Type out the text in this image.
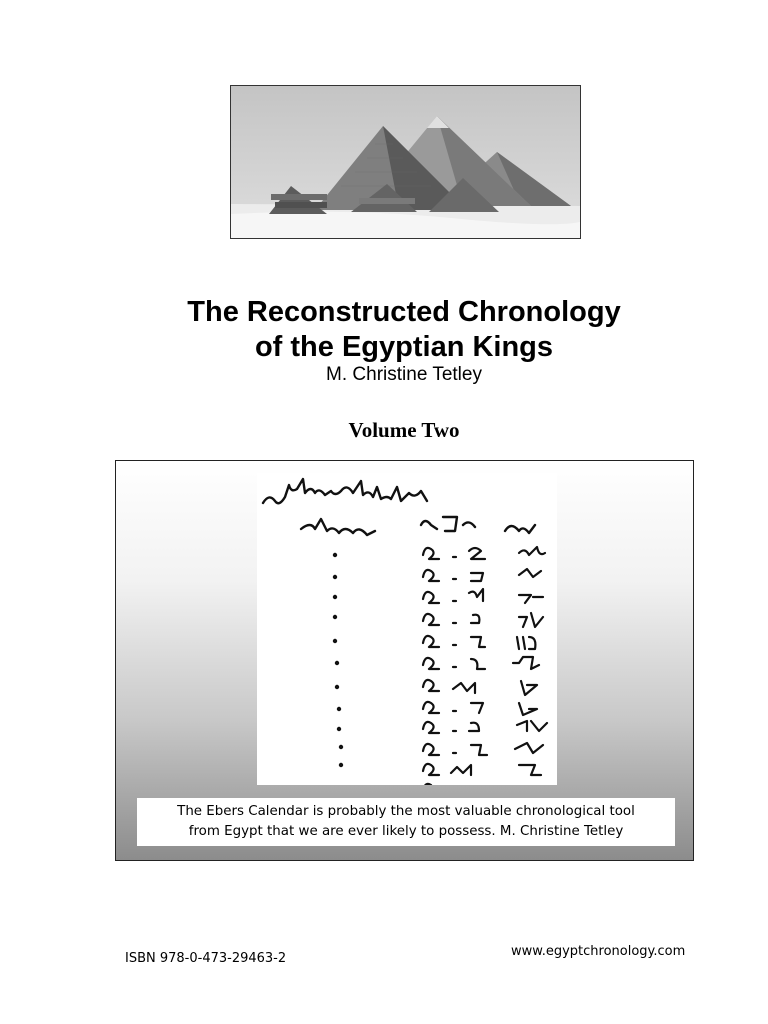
The Reconstructed Chronology
of the Egyptian Kings
M. Christine Tetley
Volume Two
The Ebers Calendar is probably the most valuable chronological tool
from Egypt that we are ever likely to possess. M. Christine Tetley
ISBN 978-0-473-29463-2	www.egyptchronology.com
